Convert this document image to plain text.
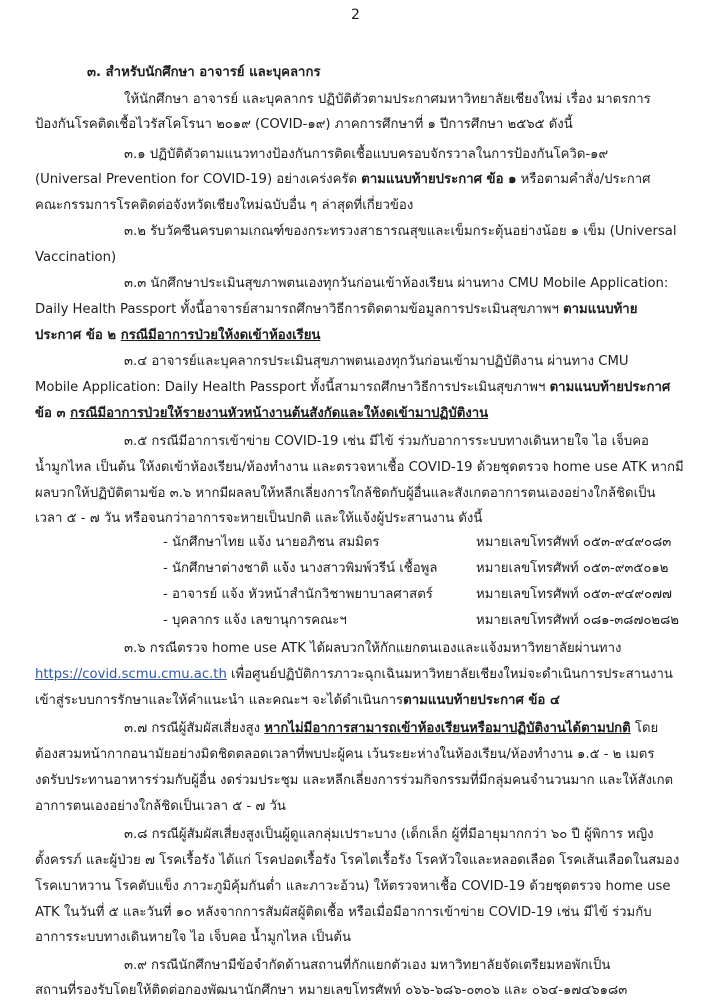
2
๓. สำหรับนักศึกษา อาจารย์ และบุคลากร
ให้นักศึกษา อาจารย์ และบุคลากร ปฏิบัติตัวตามประกาศมหาวิทยาลัยเชียงใหม่ เรื่อง มาตรการ
ป้องกันโรคติดเชื้อไวรัสโคโรนา ๒๐๑๙ (COVID-๑๙) ภาคการศึกษาที่ ๑ ปีการศึกษา ๒๕๖๕ ดังนี้
๓.๑ ปฏิบัติตัวตามแนวทางป้องกันการติดเชื้อแบบครอบจักรวาลในการป้องกันโควิด-๑๙
(Universal Prevention for COVID-19) อย่างเคร่งครัด ตามแนบท้ายประกาศ ข้อ ๑ หรือตามคำสั่ง/ประกาศ
คณะกรรมการโรคติดต่อจังหวัดเชียงใหม่ฉบับอื่น ๆ ล่าสุดที่เกี่ยวข้อง
๓.๒ รับวัคซีนครบตามเกณฑ์ของกระทรวงสาธารณสุขและเข็มกระตุ้นอย่างน้อย ๑ เข็ม (Universal
Vaccination)
๓.๓ นักศึกษาประเมินสุขภาพตนเองทุกวันก่อนเข้าห้องเรียน ผ่านทาง CMU Mobile Application:
Daily Health Passport ทั้งนี้อาจารย์สามารถศึกษาวิธีการติดตามข้อมูลการประเมินสุขภาพฯ ตามแนบท้าย
ประกาศ ข้อ ๒ กรณีมีอาการป่วยให้งดเข้าห้องเรียน
๓.๔ อาจารย์และบุคลากรประเมินสุขภาพตนเองทุกวันก่อนเข้ามาปฏิบัติงาน ผ่านทาง CMU
Mobile Application: Daily Health Passport ทั้งนี้สามารถศึกษาวิธีการประเมินสุขภาพฯ ตามแนบท้ายประกาศ
ข้อ ๓ กรณีมีอาการป่วยให้รายงานหัวหน้างานต้นสังกัดและให้งดเข้ามาปฏิบัติงาน
๓.๕ กรณีมีอาการเข้าข่าย COVID-19 เช่น มีไข้ ร่วมกับอาการระบบทางเดินหายใจ ไอ เจ็บคอ
น้ำมูกไหล เป็นต้น ให้งดเข้าห้องเรียน/ห้องทำงาน และตรวจหาเชื้อ COVID-19 ด้วยชุดตรวจ home use ATK หากมี
ผลบวกให้ปฏิบัติตามข้อ ๓.๖ หากมีผลลบให้หลีกเลี่ยงการใกล้ชิดกับผู้อื่นและสังเกตอาการตนเองอย่างใกล้ชิดเป็น
เวลา ๕ - ๗ วัน หรือจนกว่าอาการจะหายเป็นปกติ และให้แจ้งผู้ประสานงาน ดังนี้
- นักศึกษาไทย แจ้ง นายอภิชน สมมิตร	หมายเลขโทรศัพท์ ๐๕๓-๙๔๙๐๘๓
- นักศึกษาต่างชาติ แจ้ง นางสาวพิมพ์วรีน์ เชื้อพูล	หมายเลขโทรศัพท์ ๐๕๓-๙๓๕๐๑๒
- อาจารย์ แจ้ง หัวหน้าสำนักวิชาพยาบาลศาสตร์	หมายเลขโทรศัพท์ ๐๕๓-๙๔๙๐๗๗
- บุคลากร แจ้ง เลขานุการคณะฯ	หมายเลขโทรศัพท์ ๐๘๑-๓๘๗๐๒๘๒
๓.๖ กรณีตรวจ home use ATK ได้ผลบวกให้กักแยกตนเองและแจ้งมหาวิทยาลัยผ่านทาง
https://covid.scmu.cmu.ac.th เพื่อศูนย์ปฏิบัติการภาวะฉุกเฉินมหาวิทยาลัยเชียงใหม่จะดำเนินการประสานงาน
เข้าสู่ระบบการรักษาและให้คำแนะนำ และคณะฯ จะได้ดำเนินการตามแนบท้ายประกาศ ข้อ ๔
๓.๗ กรณีผู้สัมผัสเสี่ยงสูง หากไม่มีอาการสามารถเข้าห้องเรียนหรือมาปฏิบัติงานได้ตามปกติ โดย
ต้องสวมหน้ากากอนามัยอย่างมิดชิดตลอดเวลาที่พบปะผู้คน เว้นระยะห่างในห้องเรียน/ห้องทำงาน ๑.๕ - ๒ เมตร
งดรับประทานอาหารร่วมกับผู้อื่น งดร่วมประชุม และหลีกเลี่ยงการร่วมกิจกรรมที่มีกลุ่มคนจำนวนมาก และให้สังเกต
อาการตนเองอย่างใกล้ชิดเป็นเวลา ๕ - ๗ วัน
๓.๘ กรณีผู้สัมผัสเสี่ยงสูงเป็นผู้ดูแลกลุ่มเปราะบาง (เด็กเล็ก ผู้ที่มีอายุมากกว่า ๖๐ ปี ผู้พิการ หญิง
ตั้งครรภ์ และผู้ป่วย ๗ โรคเรื้อรัง ได้แก่ โรคปอดเรื้อรัง โรคไตเรื้อรัง โรคหัวใจและหลอดเลือด โรคเส้นเลือดในสมอง
โรคเบาหวาน โรคตับแข็ง ภาวะภูมิคุ้มกันต่ำ และภาวะอ้วน) ให้ตรวจหาเชื้อ COVID-19 ด้วยชุดตรวจ home use
ATK ในวันที่ ๕ และวันที่ ๑๐ หลังจากการสัมผัสผู้ติดเชื้อ หรือเมื่อมีอาการเข้าข่าย COVID-19 เช่น มีไข้ ร่วมกับ
อาการระบบทางเดินหายใจ ไอ เจ็บคอ น้ำมูกไหล เป็นต้น
๓.๙ กรณีนักศึกษามีข้อจำกัดด้านสถานที่กักแยกตัวเอง มหาวิทยาลัยจัดเตรียมหอพักเป็น
สถานที่รองรับโดยให้ติดต่อกองพัฒนานักศึกษา หมายเลขโทรศัพท์ ๐๖๖-๖๘๖-๐๓๐๖ และ ๐๖๔-๑๗๔๖๑๘๓
